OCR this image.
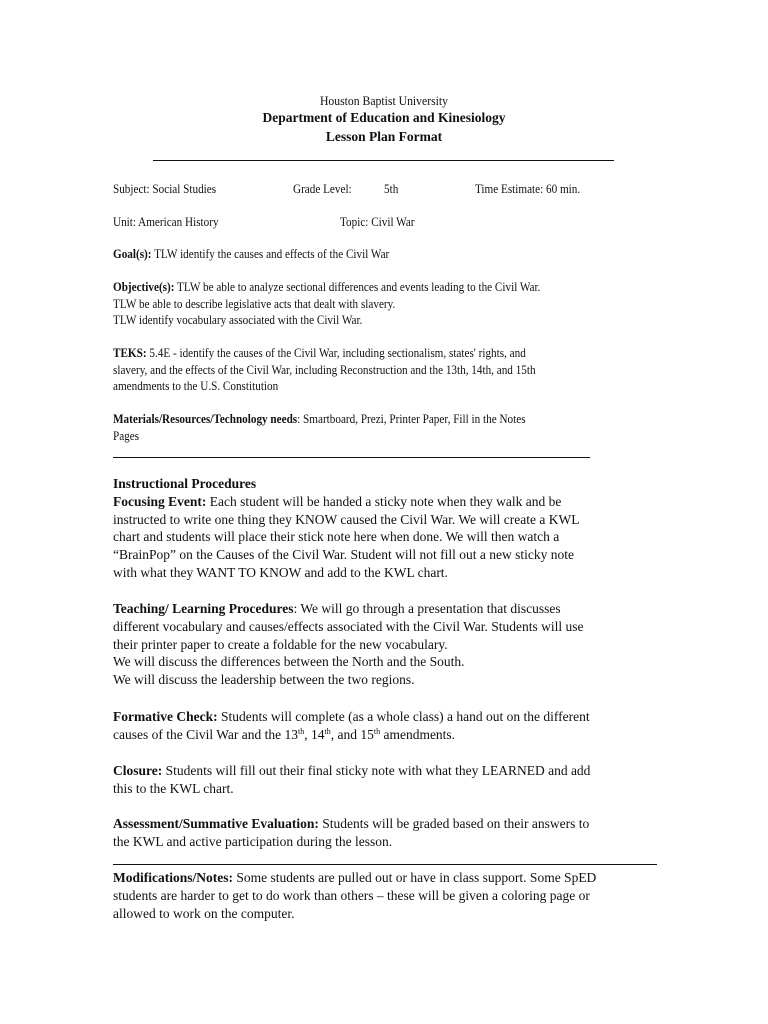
Houston Baptist University
Department of Education and Kinesiology
Lesson Plan Format
Subject: Social Studies	Grade Level: 5th	Time Estimate: 60 min.
Unit: American History	Topic: Civil War
Goal(s): TLW identify the causes and effects of the Civil War
Objective(s): TLW be able to analyze sectional differences and events leading to the Civil War.
TLW be able to describe legislative acts that dealt with slavery.
TLW identify vocabulary associated with the Civil War.
TEKS: 5.4E - identify the causes of the Civil War, including sectionalism, states' rights, and
slavery, and the effects of the Civil War, including Reconstruction and the 13th, 14th, and 15th
amendments to the U.S. Constitution
Materials/Resources/Technology needs: Smartboard, Prezi, Printer Paper, Fill in the Notes
Pages
Instructional Procedures
Focusing Event: Each student will be handed a sticky note when they walk and be
instructed to write one thing they KNOW caused the Civil War. We will create a KWL
chart and students will place their stick note here when done. We will then watch a
“BrainPop” on the Causes of the Civil War. Student will not fill out a new sticky note
with what they WANT TO KNOW and add to the KWL chart.
Teaching/ Learning Procedures: We will go through a presentation that discusses
different vocabulary and causes/effects associated with the Civil War. Students will use
their printer paper to create a foldable for the new vocabulary.
We will discuss the differences between the North and the South.
We will discuss the leadership between the two regions.
Formative Check: Students will complete (as a whole class) a hand out on the different
causes of the Civil War and the 13th, 14th, and 15th amendments.
Closure: Students will fill out their final sticky note with what they LEARNED and add
this to the KWL chart.
Assessment/Summative Evaluation: Students will be graded based on their answers to
the KWL and active participation during the lesson.
Modifications/Notes: Some students are pulled out or have in class support. Some SpED
students are harder to get to do work than others – these will be given a coloring page or
allowed to work on the computer.
